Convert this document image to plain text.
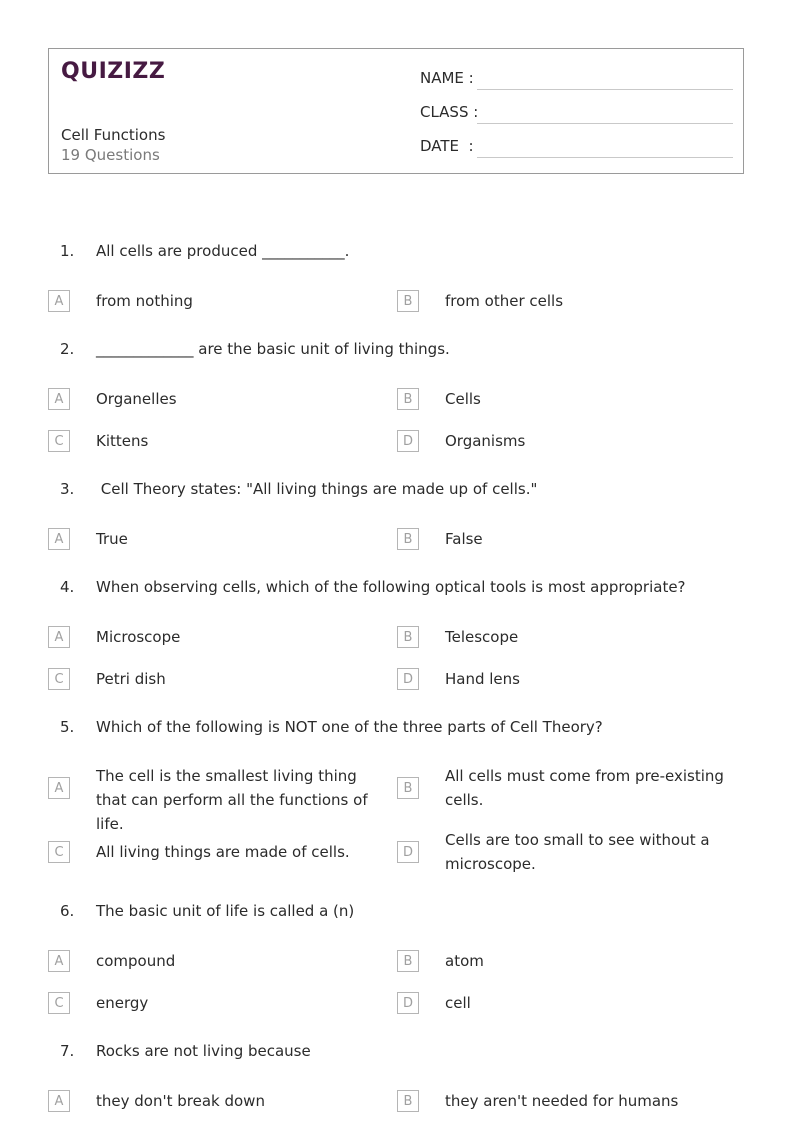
QUIZIZZ
Cell Functions
19 Questions
NAME :
CLASS :
DATE  :
1. All cells are produced ___________.
A	from nothing	B	from other cells
2. _____________ are the basic unit of living things.
A	Organelles	B	Cells
C	Kittens	D	Organisms
3. Cell Theory states: "All living things are made up of cells."
A	True	B	False
4. When observing cells, which of the following optical tools is most appropriate?
A	Microscope	B	Telescope
C	Petri dish	D	Hand lens
5. Which of the following is NOT one of the three parts of Cell Theory?
A
The cell is the smallest living thing that can perform all the functions of life.
B
All cells must come from pre-existing cells.
C	All living things are made of cells.	D
Cells are too small to see without a microscope.
6. The basic unit of life is called a (n)
A	compound	B	atom
C	energy	D	cell
7. Rocks are not living because
A	they don't break down	B	they aren't needed for humans
